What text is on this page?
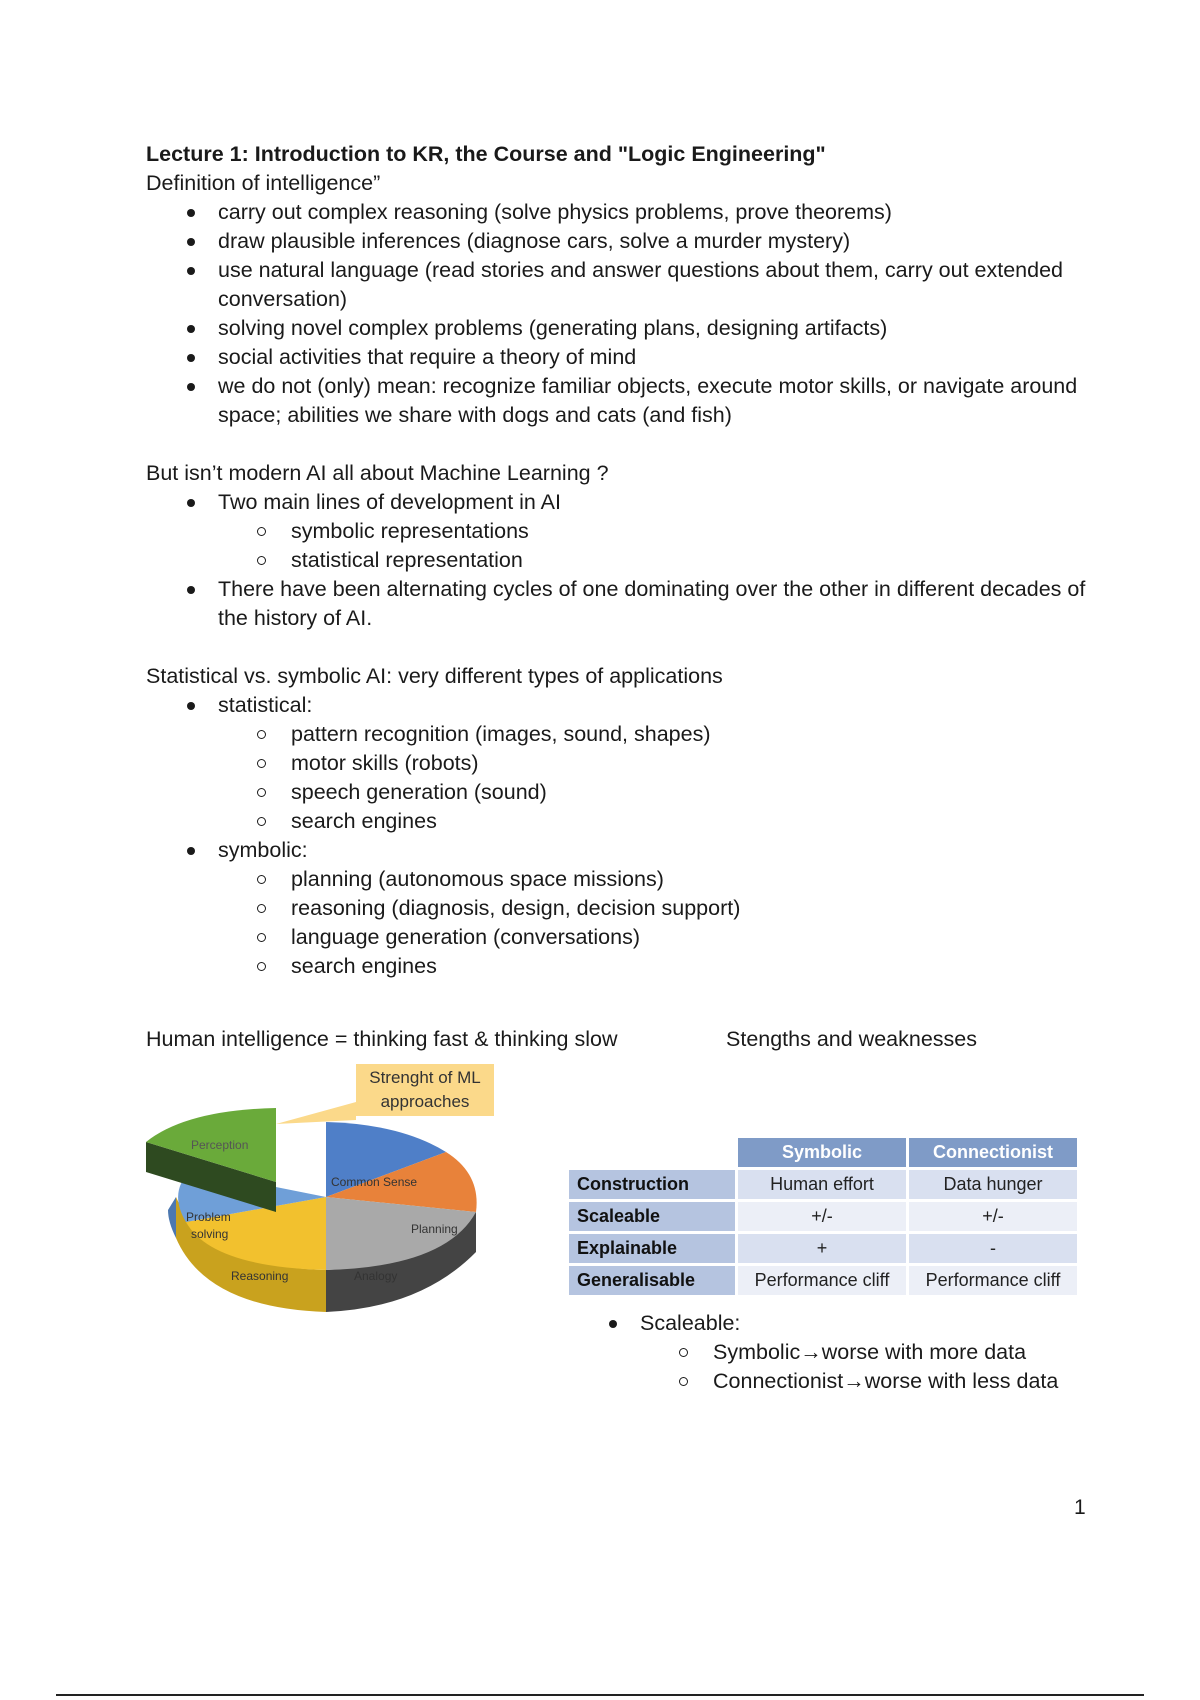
Lecture 1: Introduction to KR, the Course and "Logic Engineering"
Definition of intelligence”
carry out complex reasoning (solve physics problems, prove theorems)
draw plausible inferences (diagnose cars, solve a murder mystery)
use natural language (read stories and answer questions about them, carry out extended conversation)
solving novel complex problems (generating plans, designing artifacts)
social activities that require a theory of mind
we do not (only) mean: recognize familiar objects, execute motor skills, or navigate around space; abilities we share with dogs and cats (and fish)
But isn’t modern AI all about Machine Learning ?
Two main lines of development in AI
symbolic representations
statistical representation
There have been alternating cycles of one dominating over the other in different decades of the history of AI.
Statistical vs. symbolic AI: very different types of applications
statistical:
pattern recognition (images, sound, shapes)
motor skills (robots)
speech generation (sound)
search engines
symbolic:
planning (autonomous space missions)
reasoning (diagnosis, design, decision support)
language generation (conversations)
search engines
Human intelligence = thinking fast & thinking slow	Stengths and weaknesses
Perception
Common Sense
Planning
Analogy
Reasoning
Problem solving
Strenght of ML approaches
	Symbolic	Connectionist
Construction	Human effort	Data hunger
Scaleable	+/-	+/-
Explainable	+	-
Generalisable	Performance cliff	Performance cliff
Scaleable:
Symbolic→worse with more data
Connectionist→worse with less data
1
